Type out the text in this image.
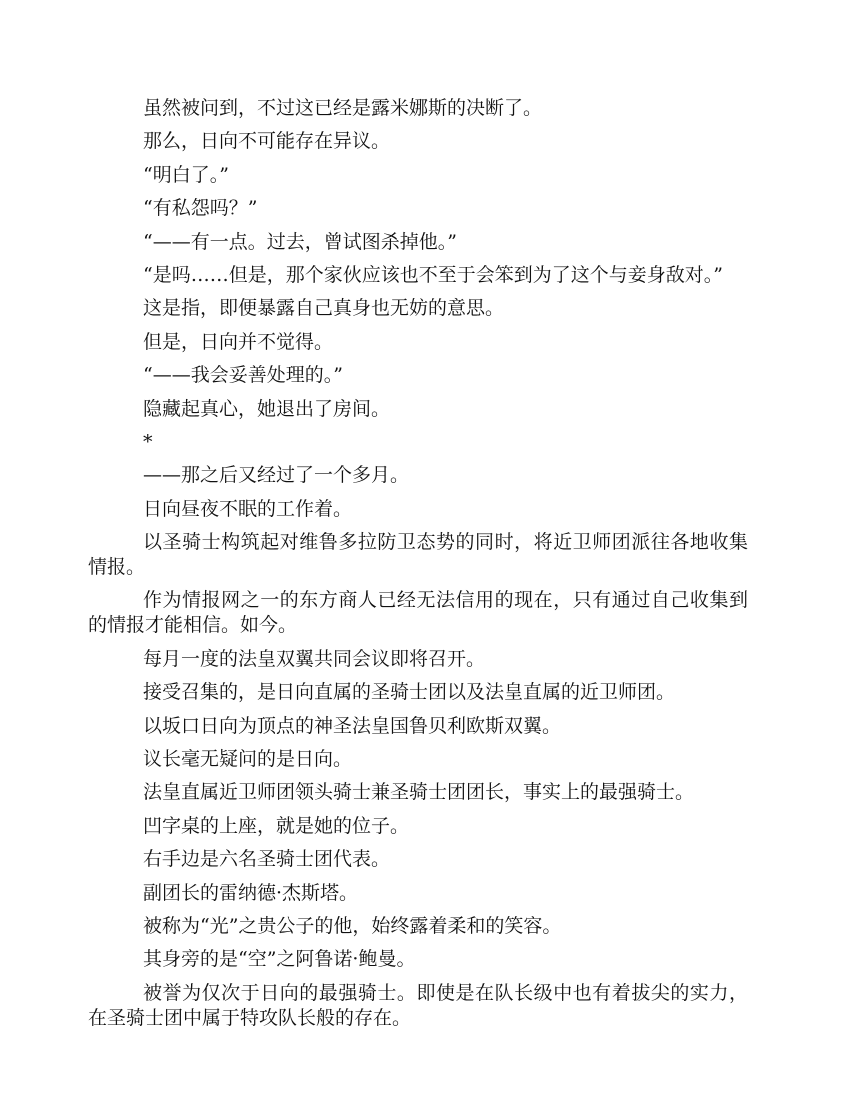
虽然被问到，不过这已经是露米娜斯的决断了。

那么，日向不可能存在异议。

“明白了。”

“有私怨吗？”

“——有一点。过去，曾试图杀掉他。”

“是吗……但是，那个家伙应该也不至于会笨到为了这个与妾身敌对。”

这是指，即便暴露自己真身也无妨的意思。

但是，日向并不觉得。

“——我会妥善处理的。”

隐藏起真心，她退出了房间。

*

——那之后又经过了一个多月。

日向昼夜不眠的工作着。

以圣骑士构筑起对维鲁多拉防卫态势的同时，将近卫师团派往各地收集情报。

作为情报网之一的东方商人已经无法信用的现在，只有通过自己收集到的情报才能相信。如今。

每月一度的法皇双翼共同会议即将召开。

接受召集的，是日向直属的圣骑士团以及法皇直属的近卫师团。

以坂口日向为顶点的神圣法皇国鲁贝利欧斯双翼。

议长毫无疑问的是日向。

法皇直属近卫师团领头骑士兼圣骑士团团长，事实上的最强骑士。

凹字桌的上座，就是她的位子。

右手边是六名圣骑士团代表。

副团长的雷纳德·杰斯塔。

被称为“光”之贵公子的他，始终露着柔和的笑容。

其身旁的是“空”之阿鲁诺·鲍曼。

被誉为仅次于日向的最强骑士。即使是在队长级中也有着拔尖的实力，在圣骑士团中属于特攻队长般的存在。
